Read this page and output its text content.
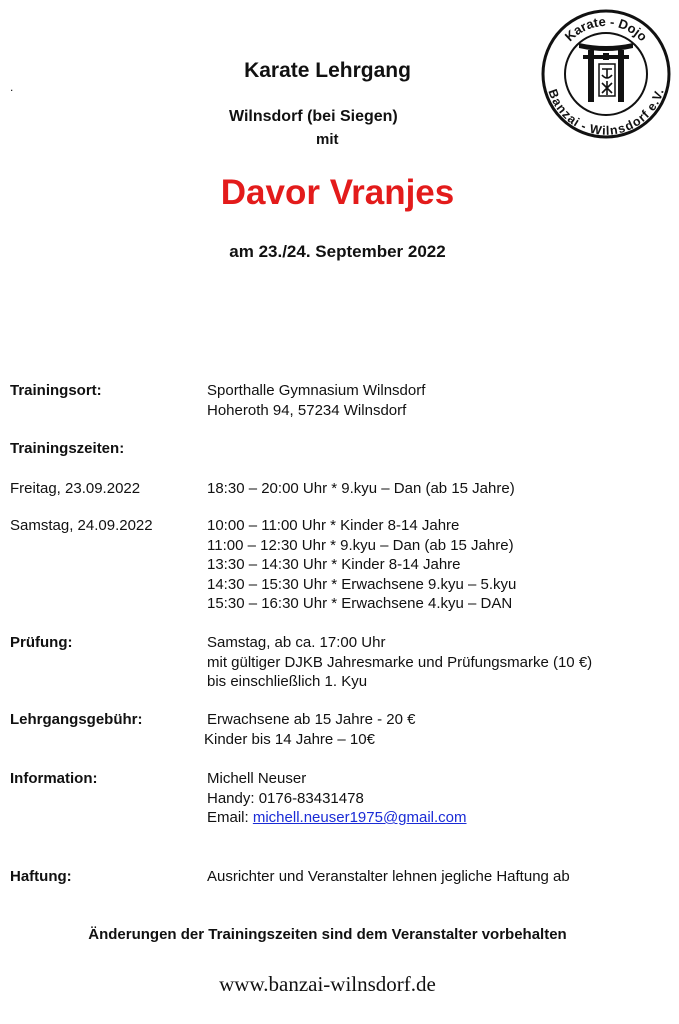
.
Karate Lehrgang
Wilnsdorf (bei Siegen)
mit
Davor Vranjes
am 23./24. September 2022
Karate - Dojo
Banzai - Wilnsdorf e.V.
Trainingsort:	Sporthalle Gymnasium Wilnsdorf
Hoheroth 94, 57234 Wilnsdorf
Trainingszeiten:
Freitag, 23.09.2022	18:30 – 20:00 Uhr * 9.kyu – Dan (ab 15 Jahre)
Samstag, 24.09.2022	10:00 – 11:00 Uhr * Kinder 8-14 Jahre
11:00 – 12:30 Uhr * 9.kyu – Dan (ab 15 Jahre)
13:30 – 14:30 Uhr * Kinder 8-14 Jahre
14:30 – 15:30 Uhr * Erwachsene 9.kyu – 5.kyu
15:30 – 16:30 Uhr * Erwachsene 4.kyu – DAN
Prüfung:	Samstag, ab ca. 17:00 Uhr
mit gültiger DJKB Jahresmarke und Prüfungsmarke (10 €)
bis einschließlich 1. Kyu
Lehrgangsgebühr:	Erwachsene ab 15 Jahre - 20 €
Kinder bis 14 Jahre – 10€
Information:	Michell Neuser
Handy: 0176-83431478
Email: michell.neuser1975@gmail.com
Haftung:	Ausrichter und Veranstalter lehnen jegliche Haftung ab
Änderungen der Trainingszeiten sind dem Veranstalter vorbehalten
www.banzai-wilnsdorf.de
